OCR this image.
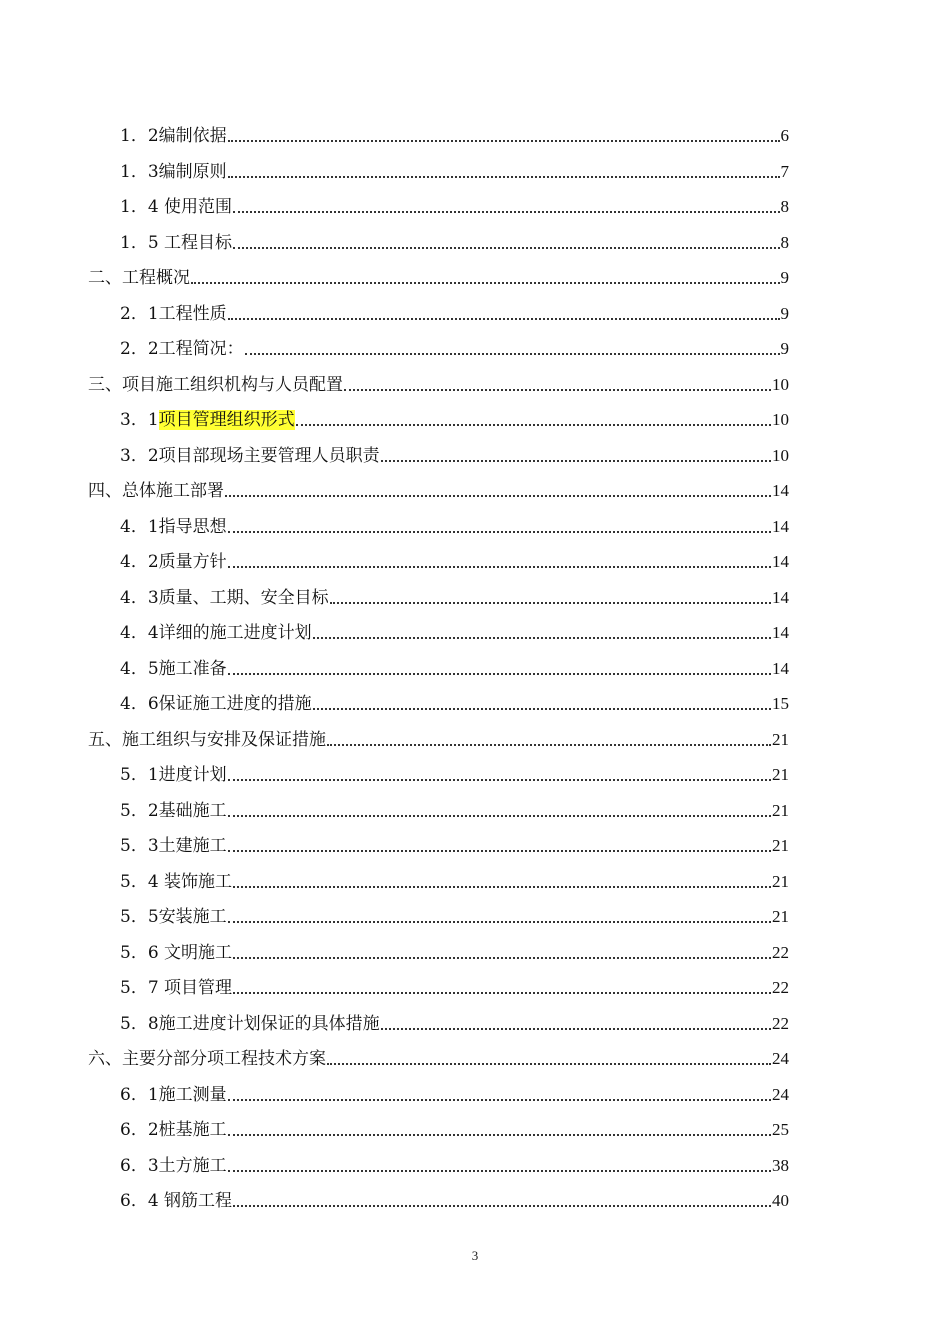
1．2 编制依据	6
1．3 编制原则	7
1．4 使用范围	8
1．5 工程目标	8
二、 工程概况	9
2．1 工程性质	9
2．2 工程简况：	9
三、 项目施工组织机构与人员配置	10
3．1 项目管理组织形式	10
3．2 项目部现场主要管理人员职责	10
四、 总体施工部署	14
4．1 指导思想	14
4．2 质量方针	14
4．3 质量、工期、安全目标	14
4．4 详细的施工进度计划	14
4．5 施工准备	14
4．6 保证施工进度的措施	15
五、 施工组织与安排及保证措施	21
5．1 进度计划	21
5．2 基础施工	21
5．3 土建施工	21
5．4 装饰施工	21
5．5 安装施工	21
5．6 文明施工	22
5．7 项目管理	22
5．8 施工进度计划保证的具体措施	22
六、 主要分部分项工程技术方案	24
6．1 施工测量	24
6．2 桩基施工	25
6．3 土方施工	38
6．4 钢筋工程	40
3
